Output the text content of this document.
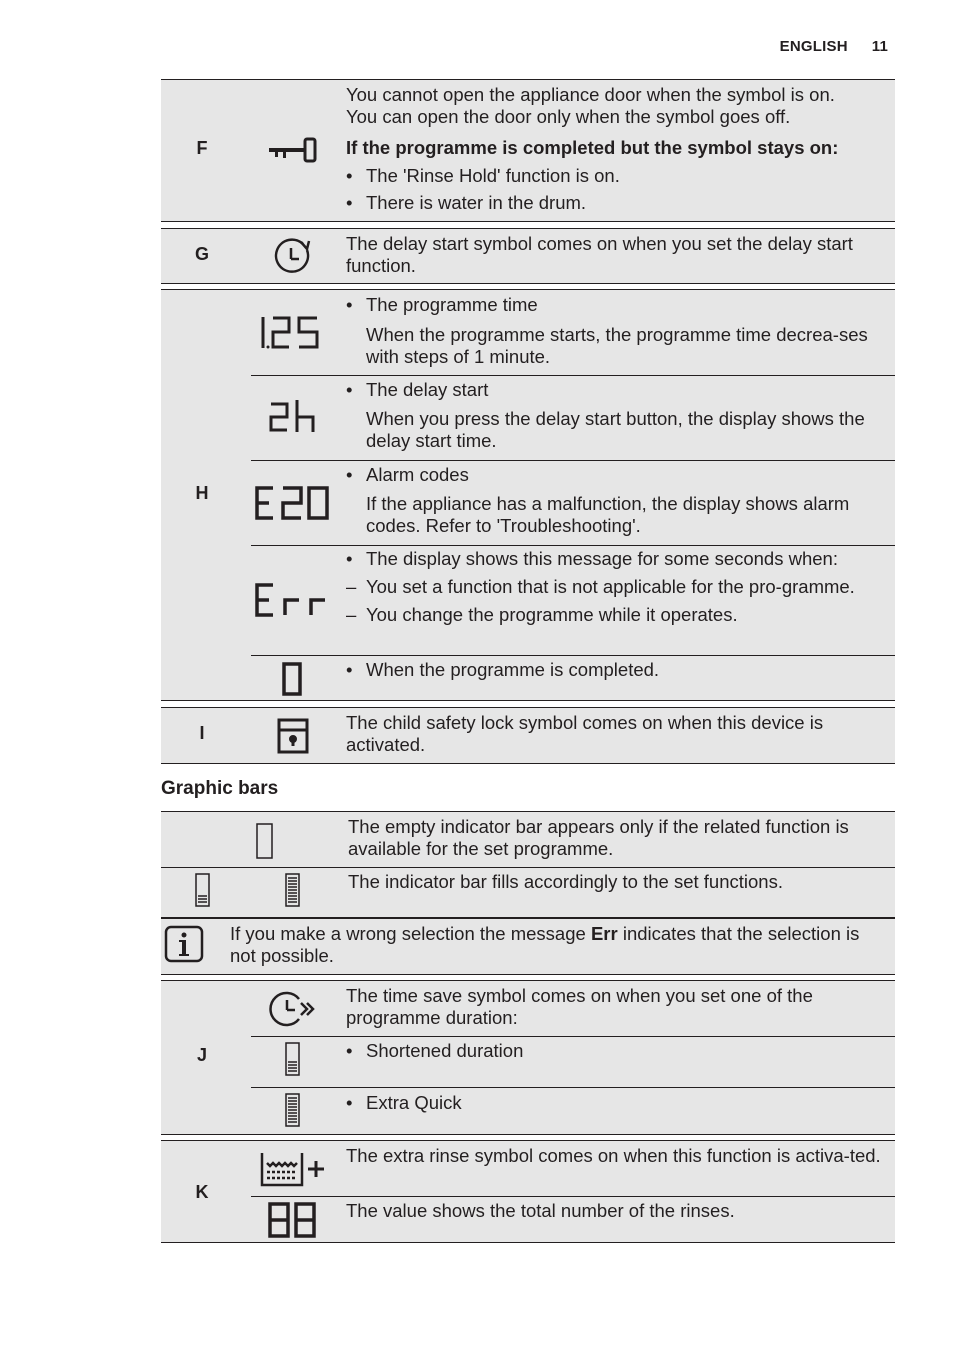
ENGLISH 11
F

You cannot open the appliance door when the symbol is on.

You can open the door only when the symbol goes off.

If the programme is completed but the symbol stays on:

• The 'Rinse Hold' function is on.

• There is water in the drum.

G	The delay start symbol comes on when you set the delay start function.
H

• The programme time

When the programme starts, the programme time decrea-ses with steps of 1 minute.

• The delay start

When you press the delay start button, the display shows the delay start time.

• Alarm codes

If the appliance has a malfunction, the display shows alarm codes. Refer to 'Troubleshooting'.

• The display shows this message for some seconds when:

– You set a function that is not applicable for the pro-gramme.

– You change the programme while it operates.

• When the programme is completed.

I	The child safety lock symbol comes on when this device is activated.
Graphic bars
The empty indicator bar appears only if the related function is available for the set programme.
The indicator bar fills accordingly to the set functions.
If you make a wrong selection the message Err indicates that the selection is not possible.
J
The time save symbol comes on when you set one of the programme duration:

• Shortened duration

• Extra Quick

K
The extra rinse symbol comes on when this function is activa-ted.
The value shows the total number of the rinses.
